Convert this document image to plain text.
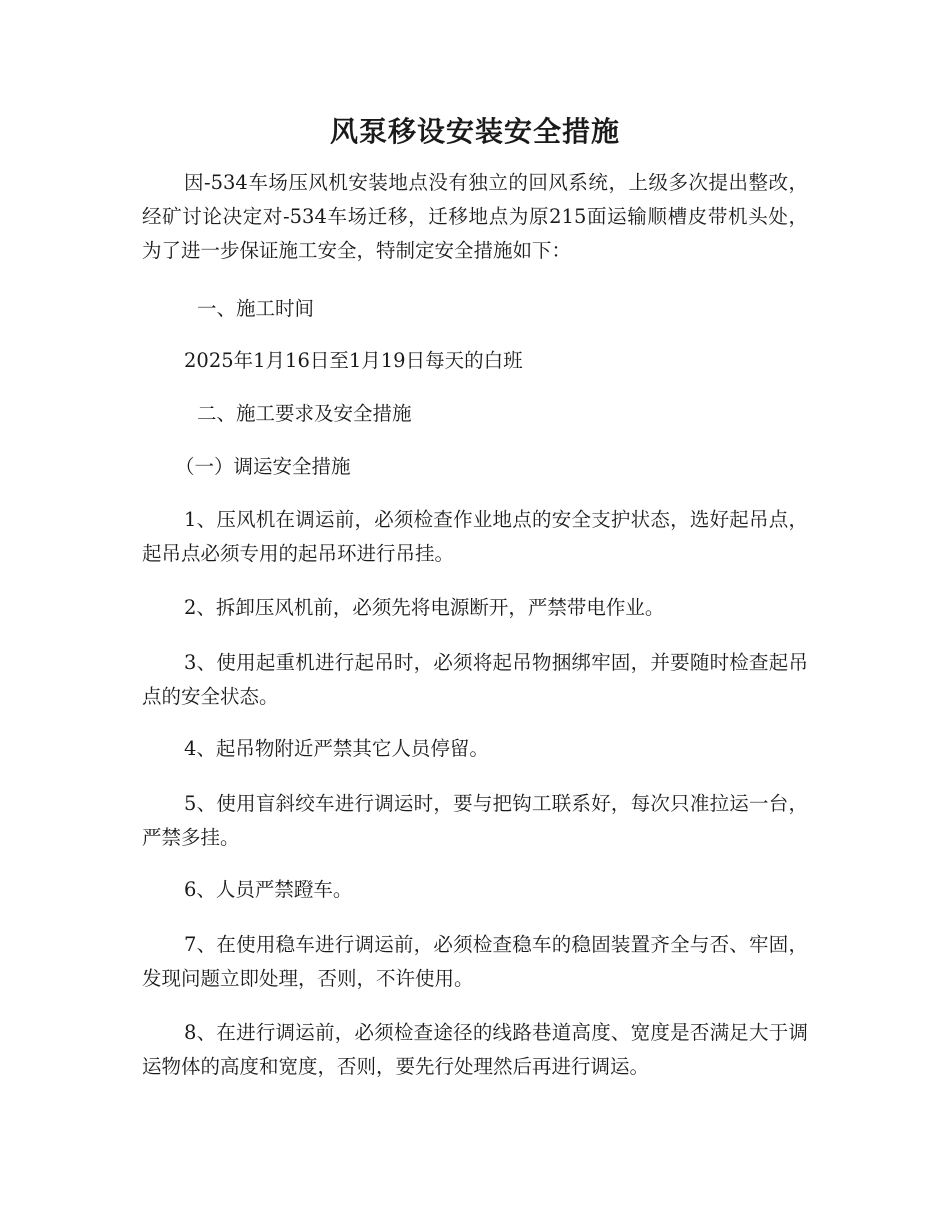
风泵移设安装安全措施
因-534车场压风机安装地点没有独立的回风系统，上级多次提出整改，经矿讨论决定对-534车场迁移，迁移地点为原215面运输顺槽皮带机头处，为了进一步保证施工安全，特制定安全措施如下：
一、施工时间
2025年1月16日至1月19日每天的白班
二、施工要求及安全措施
（一）调运安全措施
1、压风机在调运前，必须检查作业地点的安全支护状态，选好起吊点，起吊点必须专用的起吊环进行吊挂。
2、拆卸压风机前，必须先将电源断开，严禁带电作业。
3、使用起重机进行起吊时，必须将起吊物捆绑牢固，并要随时检查起吊点的安全状态。
4、起吊物附近严禁其它人员停留。
5、使用盲斜绞车进行调运时，要与把钩工联系好，每次只准拉运一台，严禁多挂。
6、人员严禁蹬车。
7、在使用稳车进行调运前，必须检查稳车的稳固装置齐全与否、牢固，发现问题立即处理，否则，不许使用。
8、在进行调运前，必须检查途径的线路巷道高度、宽度是否满足大于调运物体的高度和宽度，否则，要先行处理然后再进行调运。
